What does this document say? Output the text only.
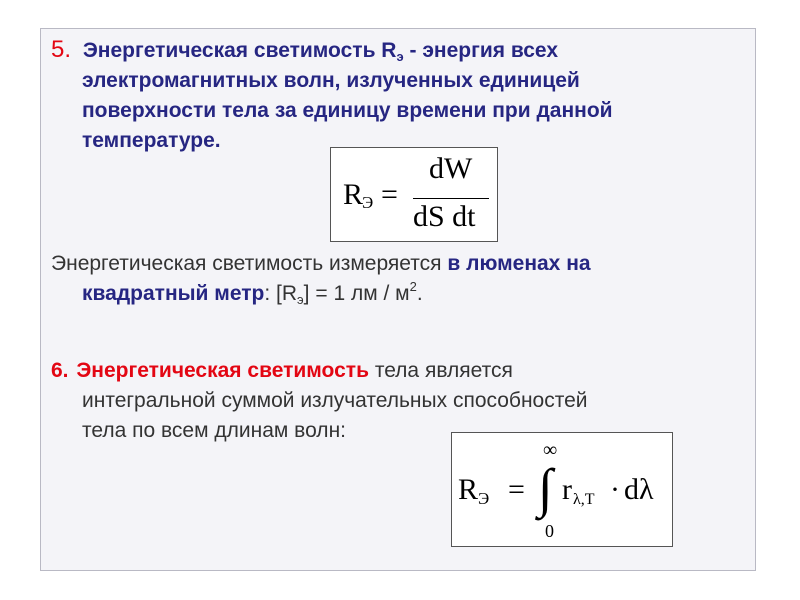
5. Энергетическая светимость $R_э$ - энергия всех
электромагнитных волн, излученных единицей
поверхности тела за единицу времени при данной
температуре.
R
Э =
dW
dS dt
Энергетическая светимость измеряется в люменах на
квадратный метр: $[R_э] = 1$ лм / $м^2$.
6. Энергетическая светимость тела является
интегральной суммой излучательных способностей
тела по всем длинам волн:
R Э =
∞
∫
0
r λ,T · dλ
